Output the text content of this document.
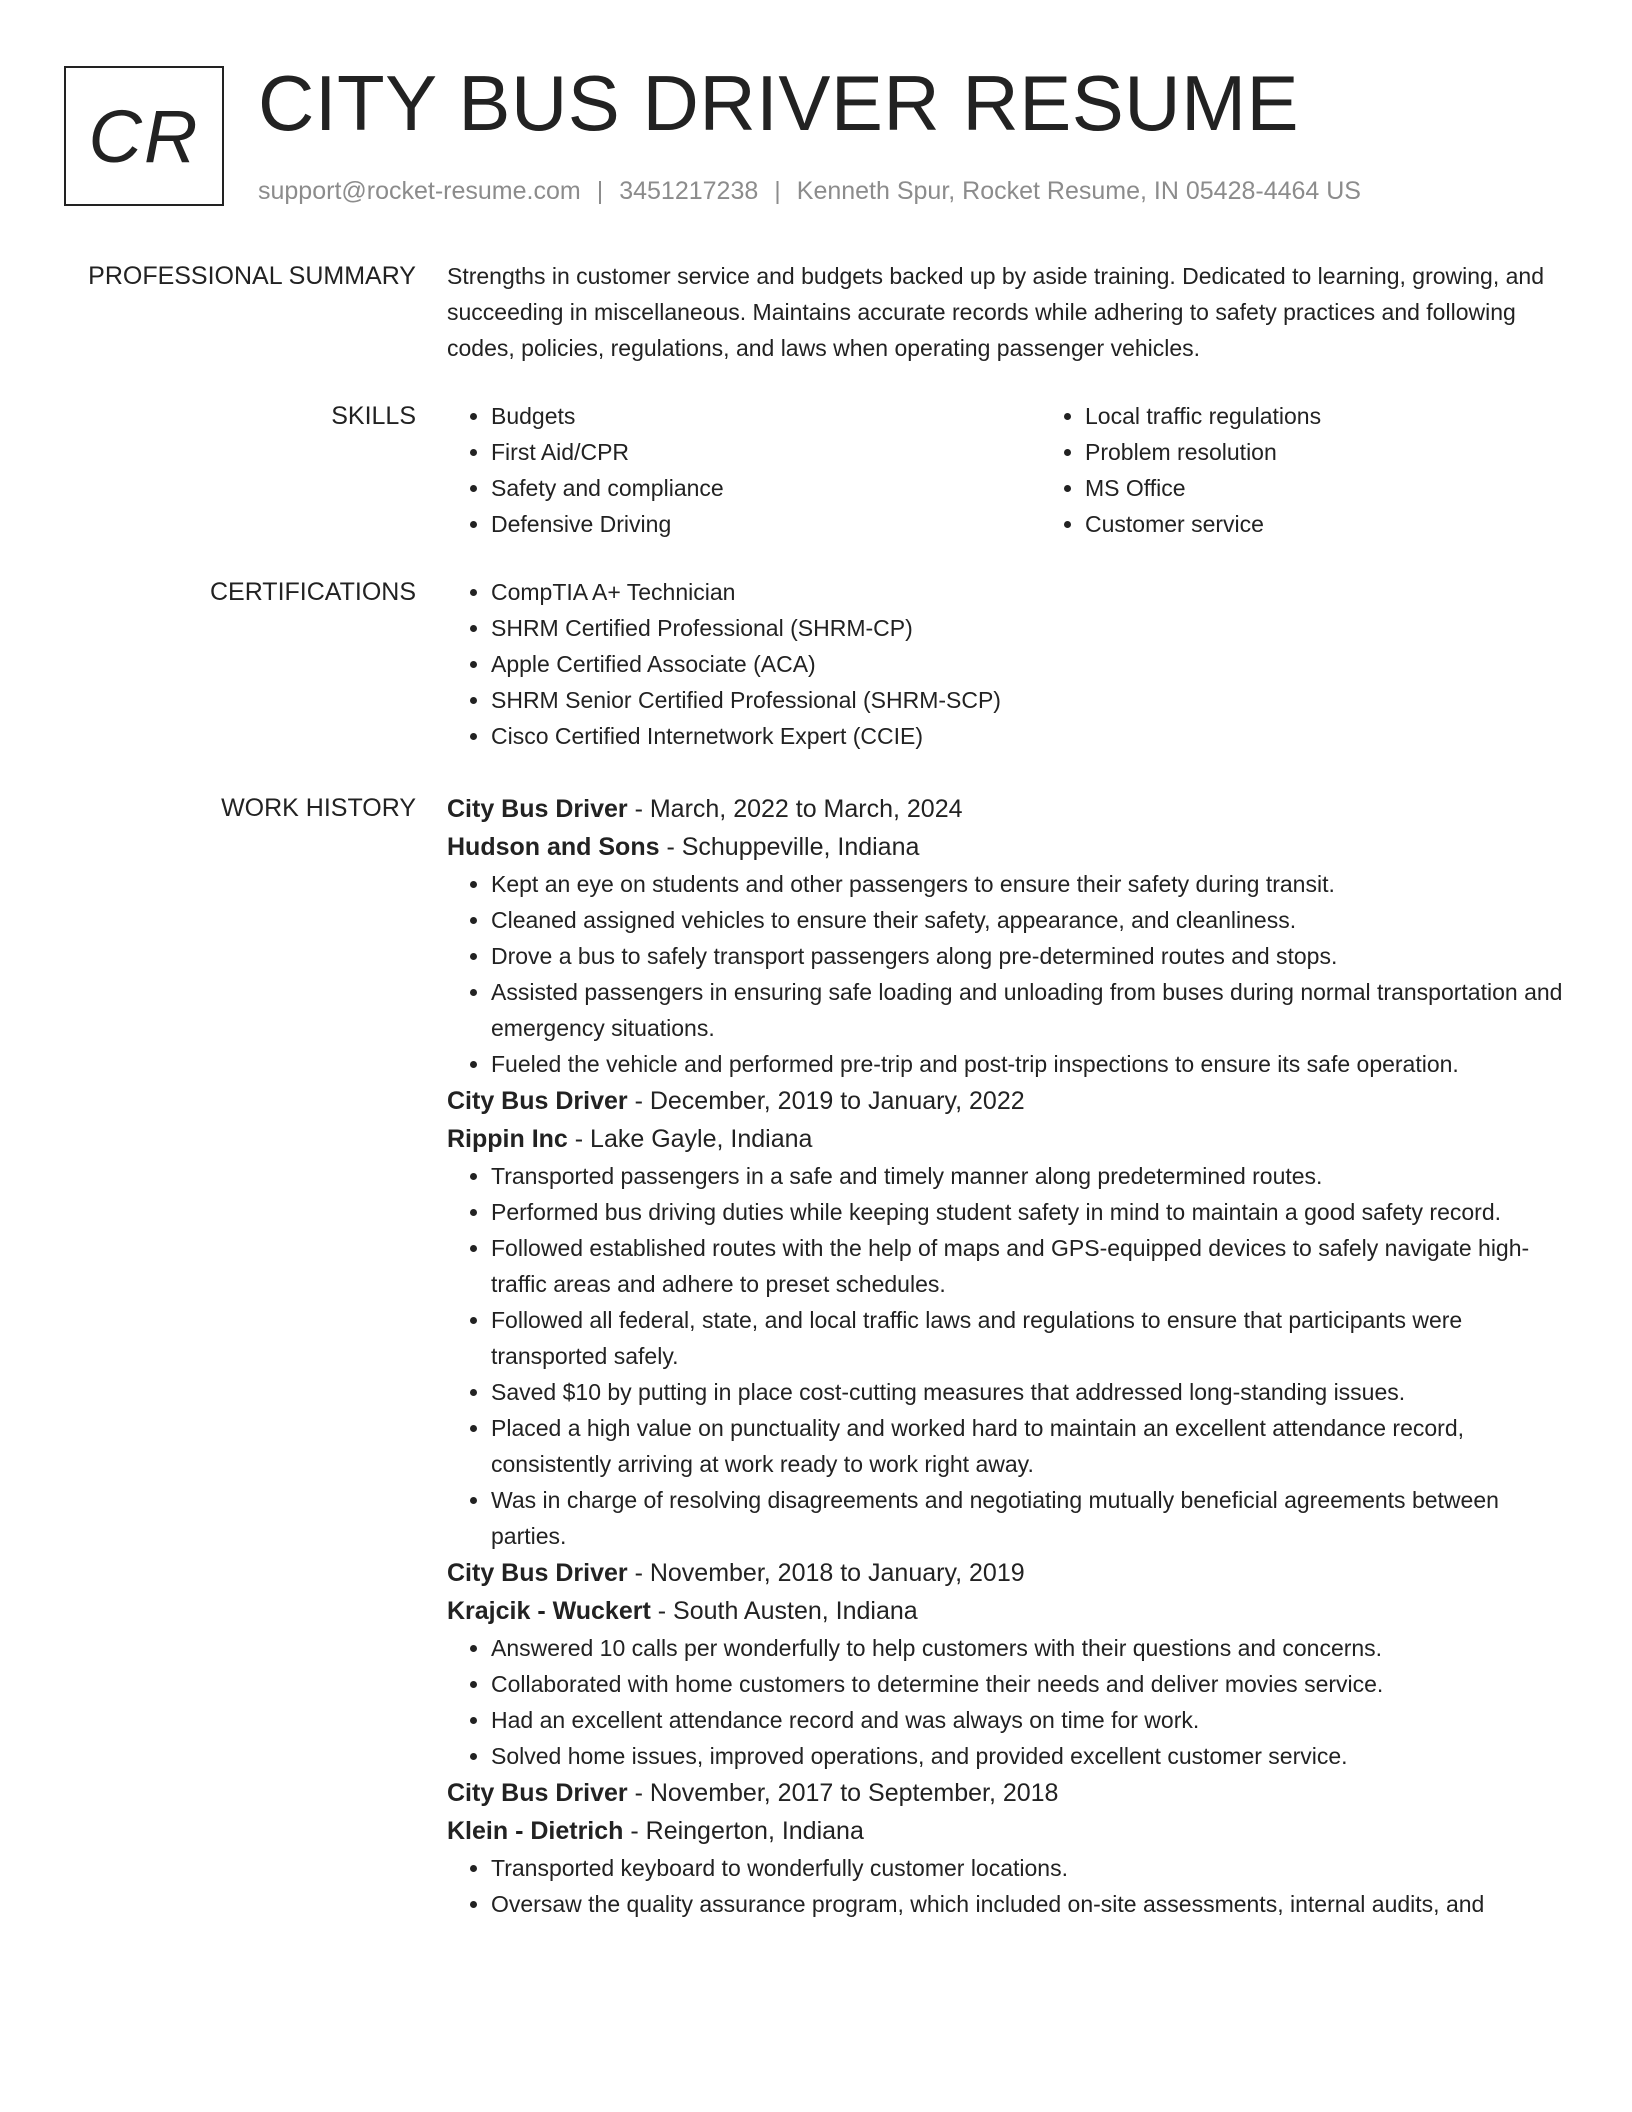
CR CITY BUS DRIVER RESUME
support@rocket-resume.com | 3451217238 | Kenneth Spur, Rocket Resume, IN 05428-4464 US
PROFESSIONAL SUMMARY Strengths in customer service and budgets backed up by aside training. Dedicated to learning, growing, and succeeding in miscellaneous. Maintains accurate records while adhering to safety practices and following codes, policies, regulations, and laws when operating passenger vehicles.

SKILLS	• Budgets
• First Aid/CPR
• Safety and compliance
• Defensive Driving
• Local traffic regulations
• Problem resolution
• MS Office
• Customer service
CERTIFICATIONS	• CompTIA A+ Technician
• SHRM Certified Professional (SHRM-CP)
• Apple Certified Associate (ACA)
• SHRM Senior Certified Professional (SHRM-SCP)
• Cisco Certified Internetwork Expert (CCIE)
WORK HISTORY City Bus Driver - March, 2022 to March, 2024
Hudson and Sons - Schuppeville, Indiana
• Kept an eye on students and other passengers to ensure their safety during transit.
• Cleaned assigned vehicles to ensure their safety, appearance, and cleanliness.
• Drove a bus to safely transport passengers along pre-determined routes and stops.
• Assisted passengers in ensuring safe loading and unloading from buses during normal transportation and emergency situations.
• Fueled the vehicle and performed pre-trip and post-trip inspections to ensure its safe operation.
City Bus Driver - December, 2019 to January, 2022
Rippin Inc - Lake Gayle, Indiana
• Transported passengers in a safe and timely manner along predetermined routes.
• Performed bus driving duties while keeping student safety in mind to maintain a good safety record.
• Followed established routes with the help of maps and GPS-equipped devices to safely navigate high-traffic areas and adhere to preset schedules.
• Followed all federal, state, and local traffic laws and regulations to ensure that participants were transported safely.
• Saved $10 by putting in place cost-cutting measures that addressed long-standing issues.
• Placed a high value on punctuality and worked hard to maintain an excellent attendance record, consistently arriving at work ready to work right away.
• Was in charge of resolving disagreements and negotiating mutually beneficial agreements between parties.
City Bus Driver - November, 2018 to January, 2019
Krajcik - Wuckert - South Austen, Indiana
• Answered 10 calls per wonderfully to help customers with their questions and concerns.
• Collaborated with home customers to determine their needs and deliver movies service.
• Had an excellent attendance record and was always on time for work.
• Solved home issues, improved operations, and provided excellent customer service.
City Bus Driver - November, 2017 to September, 2018
Klein - Dietrich - Reingerton, Indiana
• Transported keyboard to wonderfully customer locations.
• Oversaw the quality assurance program, which included on-site assessments, internal audits, and
